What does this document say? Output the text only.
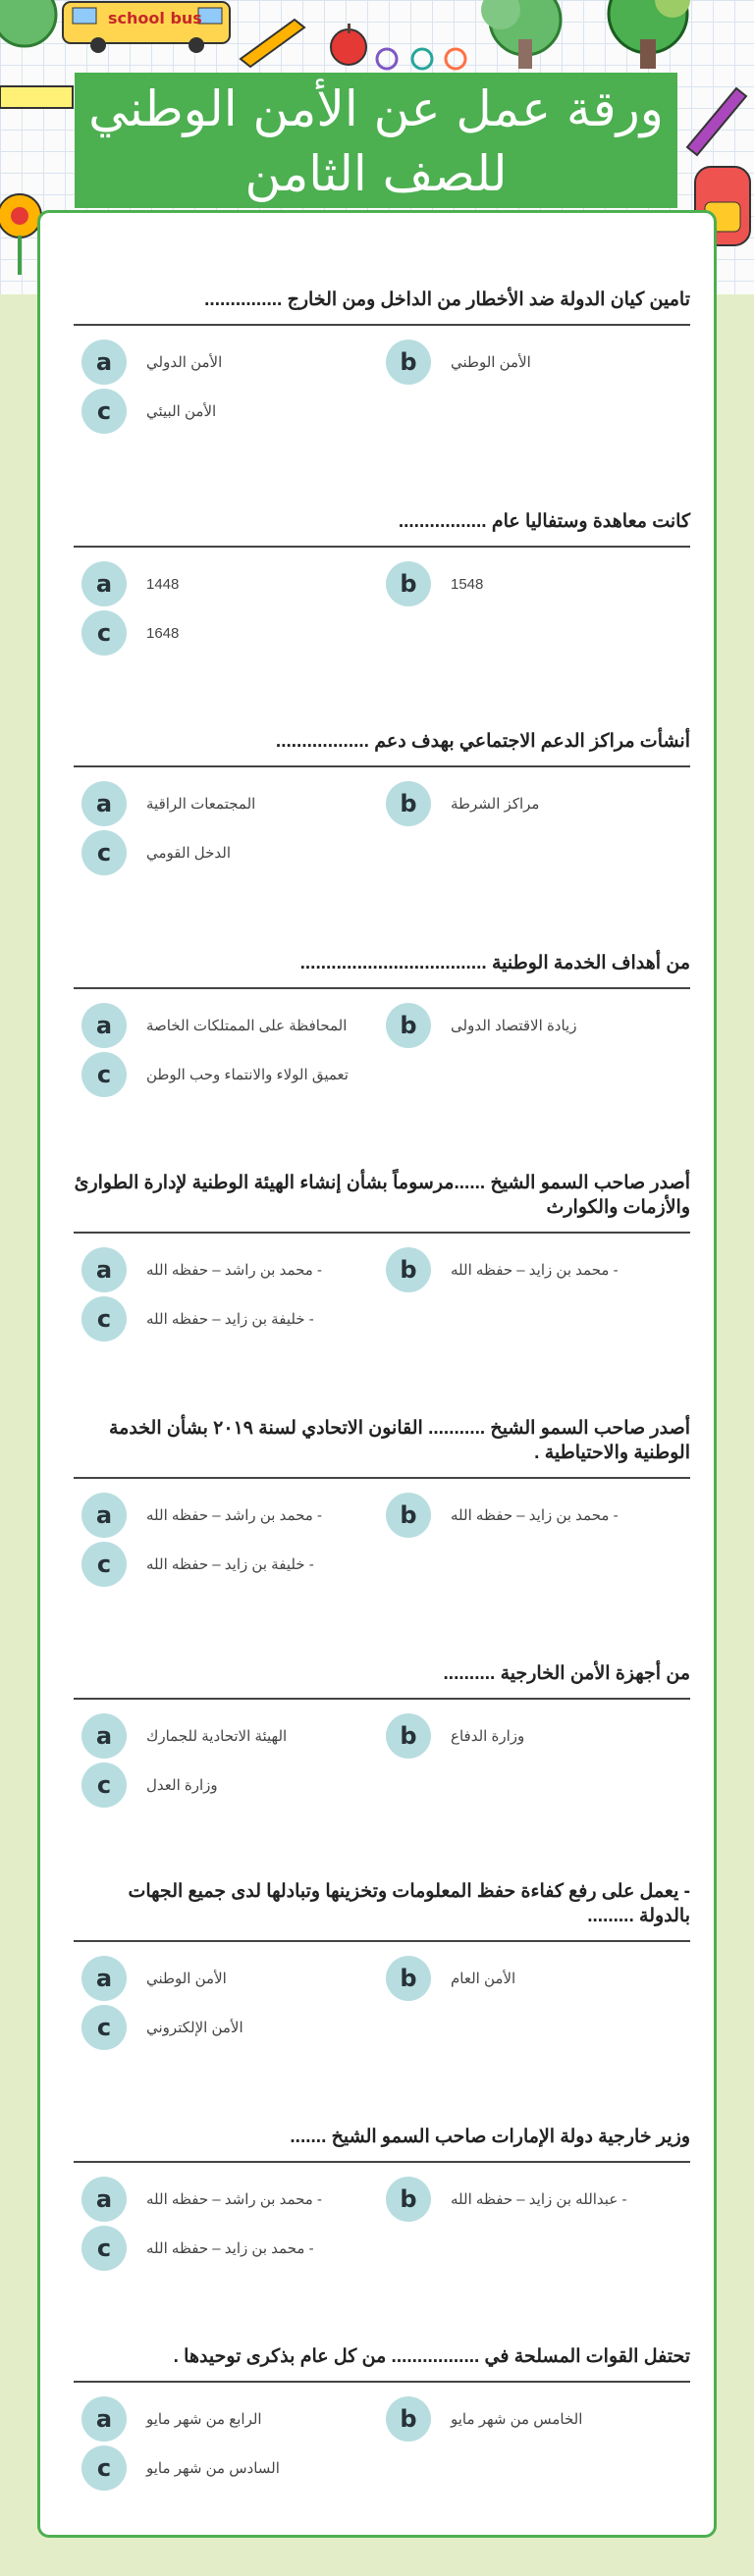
school bus
ورقة عمل عن الأمن الوطني
للصف الثامن
تامين كيان الدولة ضد الأخطار من الداخل ومن الخارج ...............
a	الأمن الدولي	b	الأمن الوطني
c	الأمن البيئي
كانت معاهدة وستفاليا عام .................
a	1448	b	1548
c	1648
أنشأت مراكز الدعم الاجتماعي بهدف دعم ..................
a	المجتمعات الراقية	b	مراكز الشرطة
c	الدخل القومي
من أهداف الخدمة الوطنية ....................................
a	المحافظة على الممتلكات الخاصة	b	زيادة الاقتصاد الدولى
c	تعميق الولاء والانتماء وحب الوطن
أصدر صاحب السمو الشيخ ......مرسوماً بشأن إنشاء الهيئة الوطنية لإدارة الطوارئ والأزمات والكوارث
a	- محمد بن راشد – حفظه الله	b	- محمد بن زايد – حفظه الله
c	- خليفة بن زايد – حفظه الله
أصدر صاحب السمو الشيخ ........... القانون الاتحادي لسنة ٢٠١٩ بشأن الخدمة الوطنية والاحتياطية .
a	- محمد بن راشد – حفظه الله	b	- محمد بن زايد – حفظه الله
c	- خليفة بن زايد – حفظه الله
من أجهزة الأمن الخارجية ..........
a	الهيئة الاتحادية للجمارك	b	وزارة الدفاع
c	وزارة العدل
- يعمل على رفع كفاءة حفظ المعلومات وتخزينها وتبادلها لدى جميع الجهات بالدولة .........
a	الأمن الوطني	b	الأمن العام
c	الأمن الإلكتروني
وزير خارجية دولة الإمارات صاحب السمو الشيخ .......
a	- محمد بن راشد – حفظه الله	b	- عبدالله بن زايد – حفظه الله
c	- محمد بن زايد – حفظه الله
تحتفل القوات المسلحة في ................. من كل عام بذكرى توحيدها .
a	الرابع من شهر مايو	b	الخامس من شهر مايو
c	السادس من شهر مايو
